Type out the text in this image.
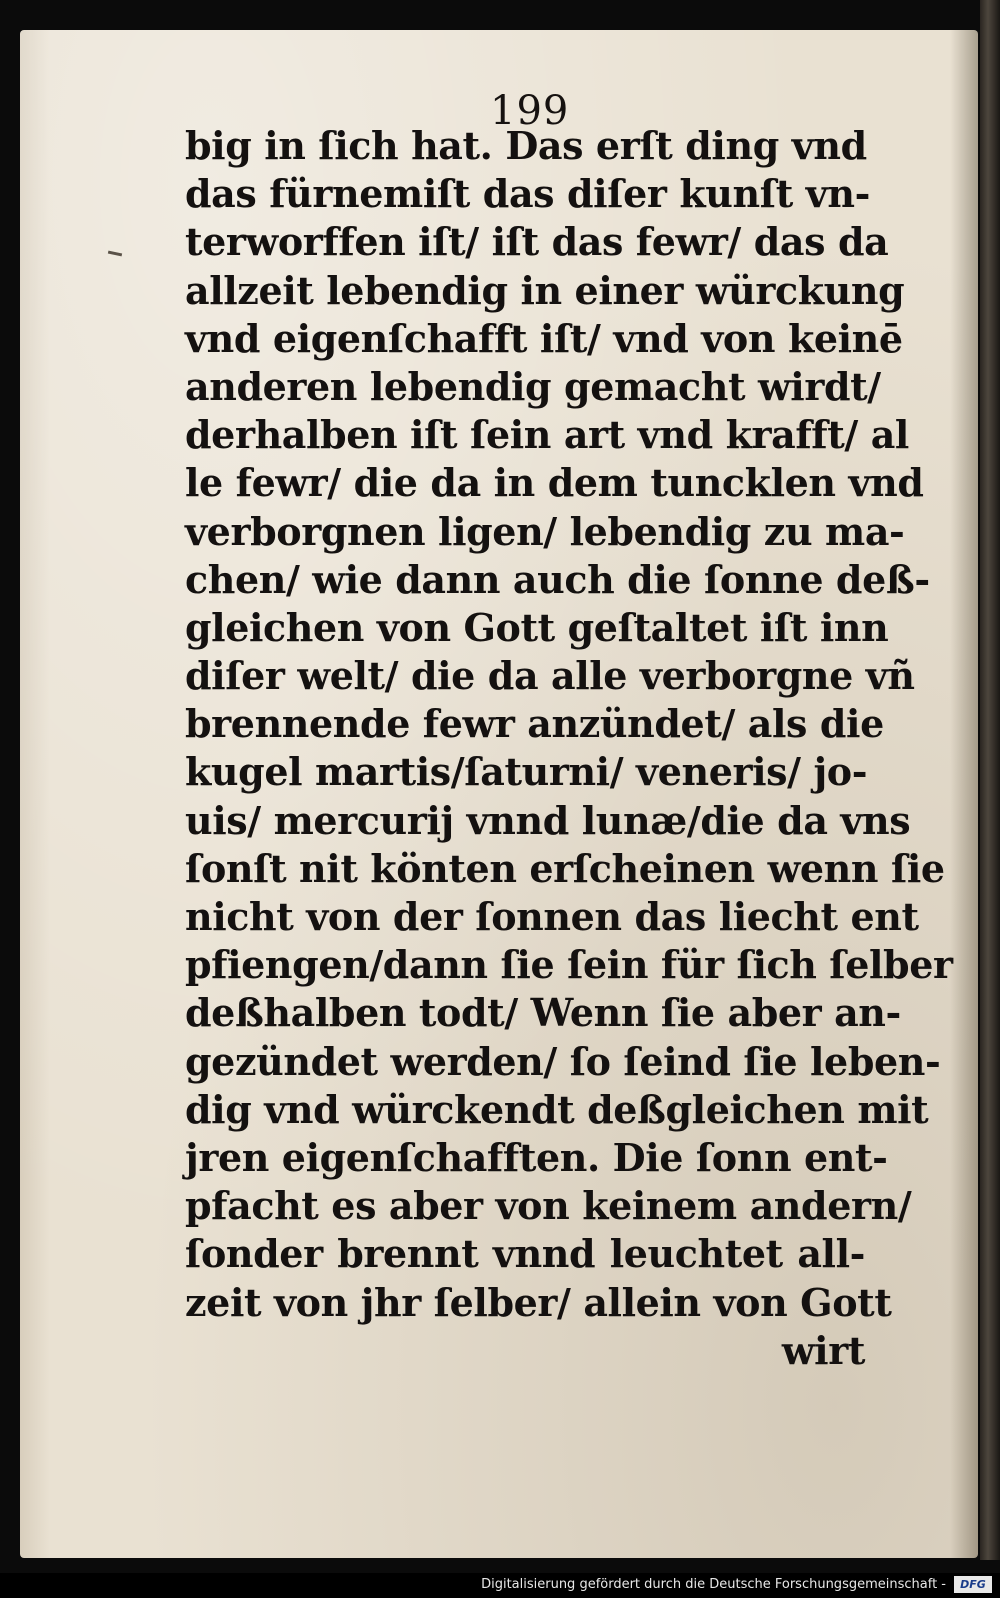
199
big in ſich hat. Das erſt ding vnd
das fürnemiſt das diſer kunſt vn-
terworffen iſt/ iſt das fewr/ das da
allzeit lebendig in einer würckung
vnd eigenſchafft iſt/ vnd von keinē
anderen lebendig gemacht wirdt/
derhalben iſt ſein art vnd krafft/ al
le fewr/ die da in dem tuncklen vnd
verborgnen ligen/ lebendig zu ma-
chen/ wie dann auch die ſonne deß-
gleichen von Gott geſtaltet iſt inn
diſer welt/ die da alle verborgne vñ
brennende fewr anzündet/ als die
kugel martis/ſaturni/ veneris/ jo-
uis/ mercurij vnnd lunæ/die da vns
ſonſt nit könten erſcheinen wenn ſie
nicht von der ſonnen das liecht ent
pfiengen/dann ſie ſein für ſich ſelber
deßhalben todt/ Wenn ſie aber an-
gezündet werden/ ſo ſeind ſie leben-
dig vnd würckendt deßgleichen mit
jren eigenſchafften. Die ſonn ent-
pfacht es aber von keinem andern/
ſonder brennt vnnd leuchtet all-
zeit von jhr ſelber/ allein von Gott
wirt
Digitalisierung gefördert durch die Deutsche Forschungsgemeinschaft -	DFG
